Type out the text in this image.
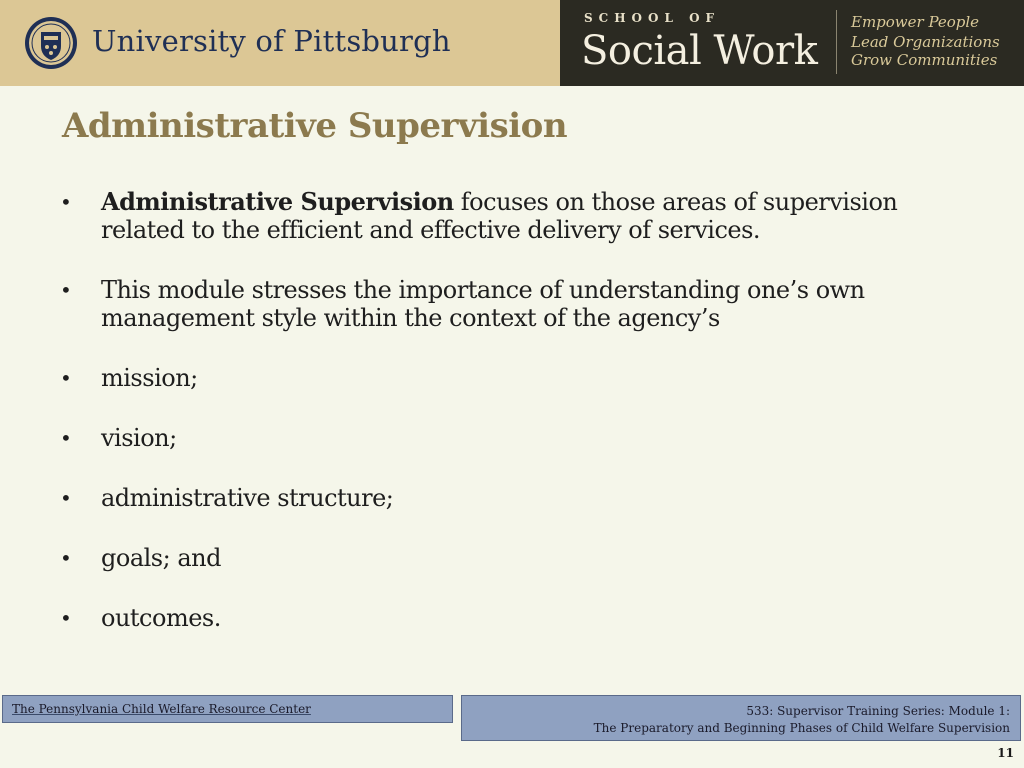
University of Pittsburgh
SCHOOL OF
Social Work
Empower People
Lead Organizations
Grow Communities
Administrative Supervision
• Administrative Supervision focuses on those areas of supervision related to the efficient and effective delivery of services.
• This module stresses the importance of understanding one’s own management style within the context of the agency’s
• mission;
• vision;
• administrative structure;
• goals; and
• outcomes.
The Pennsylvania Child Welfare Resource Center	533: Supervisor Training Series: Module 1:
The Preparatory and Beginning Phases of Child Welfare Supervision
11
